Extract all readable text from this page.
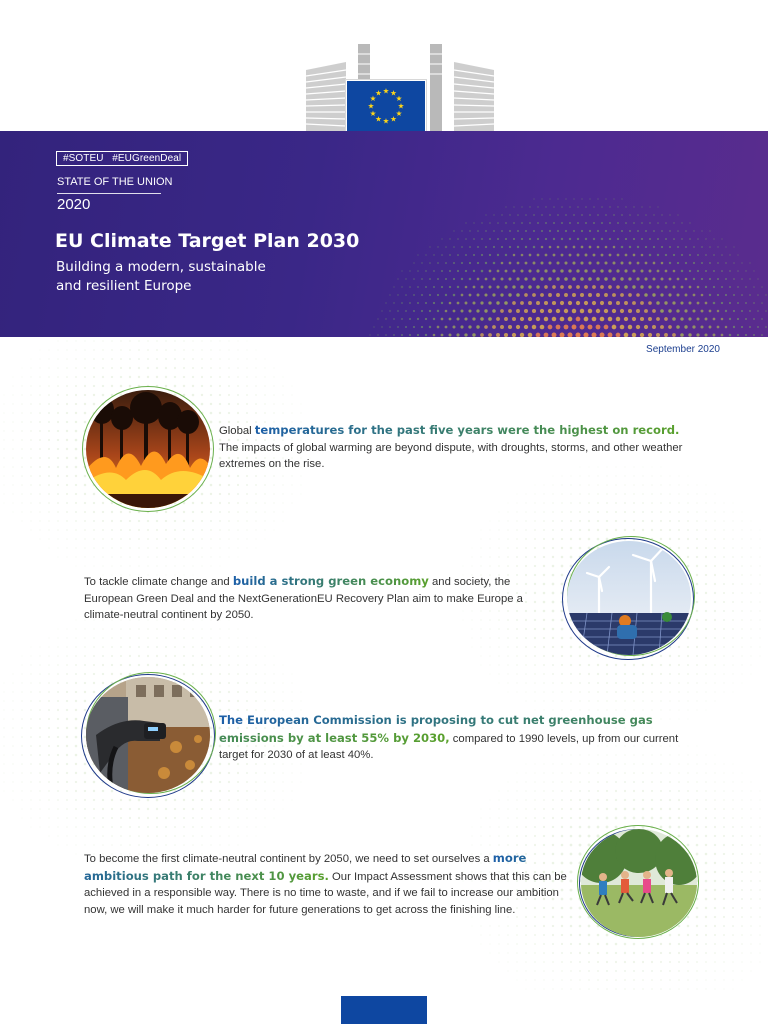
★ ★
★
★
★
★
★
★
★
★
★
★
#SOTEU   #EUGreenDeal
STATE OF THE UNION
2020
EU Climate Target Plan 2030
Building a modern, sustainable
and resilient Europe
September 2020
Global temperatures for the past five years were the highest on record. The impacts of global warming are beyond dispute, with droughts, storms, and other weather extremes on the rise.
To tackle climate change and build a strong green economy and society, the European Green Deal and the NextGenerationEU Recovery Plan aim to make Europe a climate-neutral continent by 2050.
The European Commission is proposing to cut net greenhouse gas emissions by at least 55% by 2030, compared to 1990 levels, up from our current target for 2030 of at least 40%.
To become the first climate-neutral continent by 2050, we need to set ourselves a more ambitious path for the next 10 years. Our Impact Assessment shows that this can be achieved in a responsible way. There is no time to waste, and if we fail to increase our ambition now, we will make it much harder for future generations to get across the finishing line.
